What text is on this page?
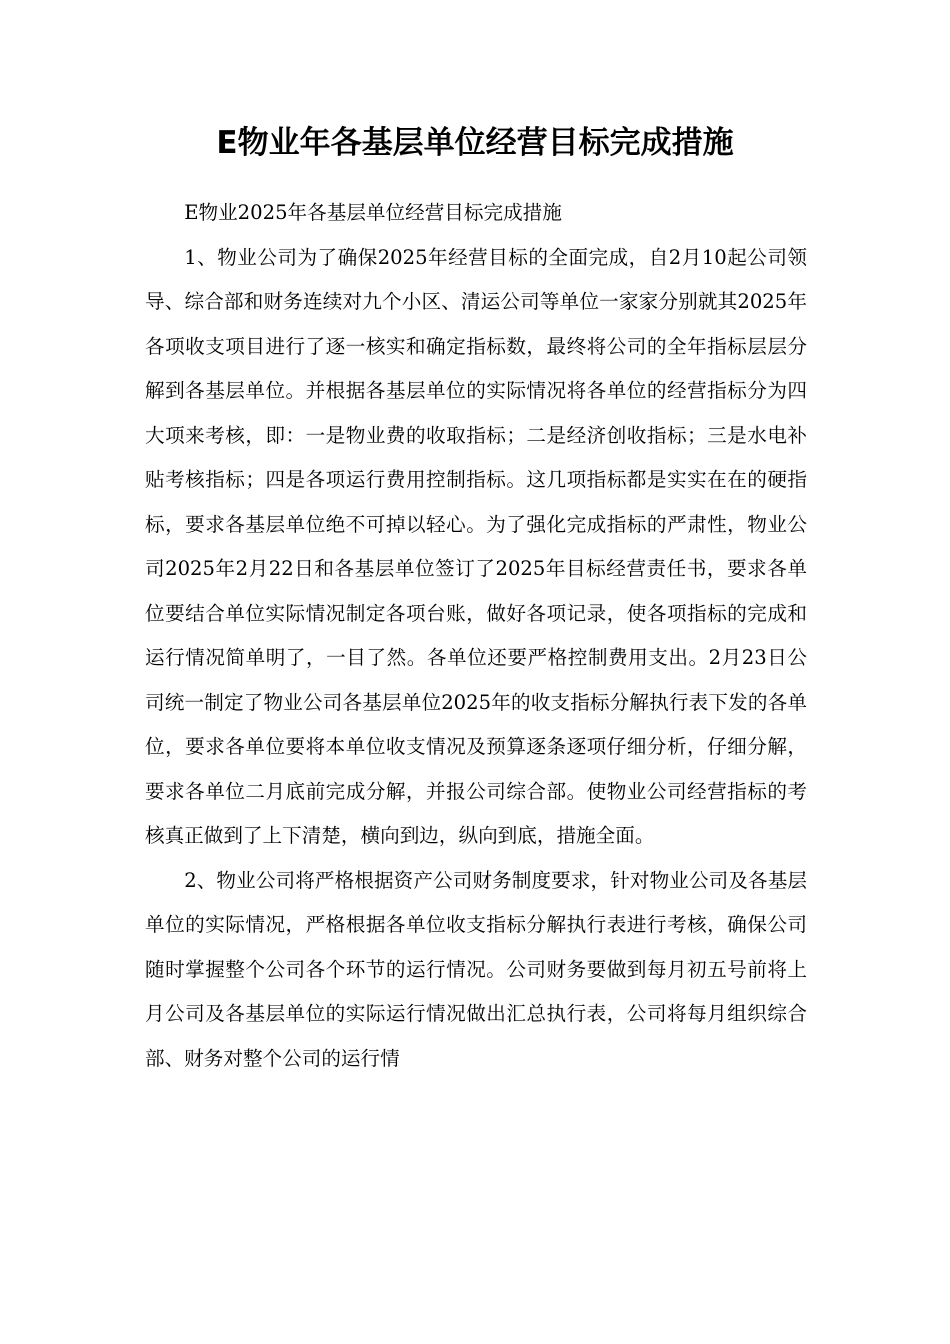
E物业年各基层单位经营目标完成措施

E物业2025年各基层单位经营目标完成措施

1、物业公司为了确保2025年经营目标的全面完成，自2月10起公司领导、综合部和财务连续对九个小区、清运公司等单位一家家分别就其2025年各项收支项目进行了逐一核实和确定指标数，最终将公司的全年指标层层分解到各基层单位。并根据各基层单位的实际情况将各单位的经营指标分为四大项来考核，即：一是物业费的收取指标；二是经济创收指标；三是水电补贴考核指标；四是各项运行费用控制指标。这几项指标都是实实在在的硬指标，要求各基层单位绝不可掉以轻心。为了强化完成指标的严肃性，物业公司2025年2月22日和各基层单位签订了2025年目标经营责任书，要求各单位要结合单位实际情况制定各项台账，做好各项记录，使各项指标的完成和运行情况简单明了，一目了然。各单位还要严格控制费用支出。2月23日公司统一制定了物业公司各基层单位2025年的收支指标分解执行表下发的各单位，要求各单位要将本单位收支情况及预算逐条逐项仔细分析，仔细分解，要求各单位二月底前完成分解，并报公司综合部。使物业公司经营指标的考核真正做到了上下清楚，横向到边，纵向到底，措施全面。

2、物业公司将严格根据资产公司财务制度要求，针对物业公司及各基层单位的实际情况，严格根据各单位收支指标分解执行表进行考核，确保公司随时掌握整个公司各个环节的运行情况。公司财务要做到每月初五号前将上月公司及各基层单位的实际运行情况做出汇总执行表，公司将每月组织综合部、财务对整个公司的运行情
